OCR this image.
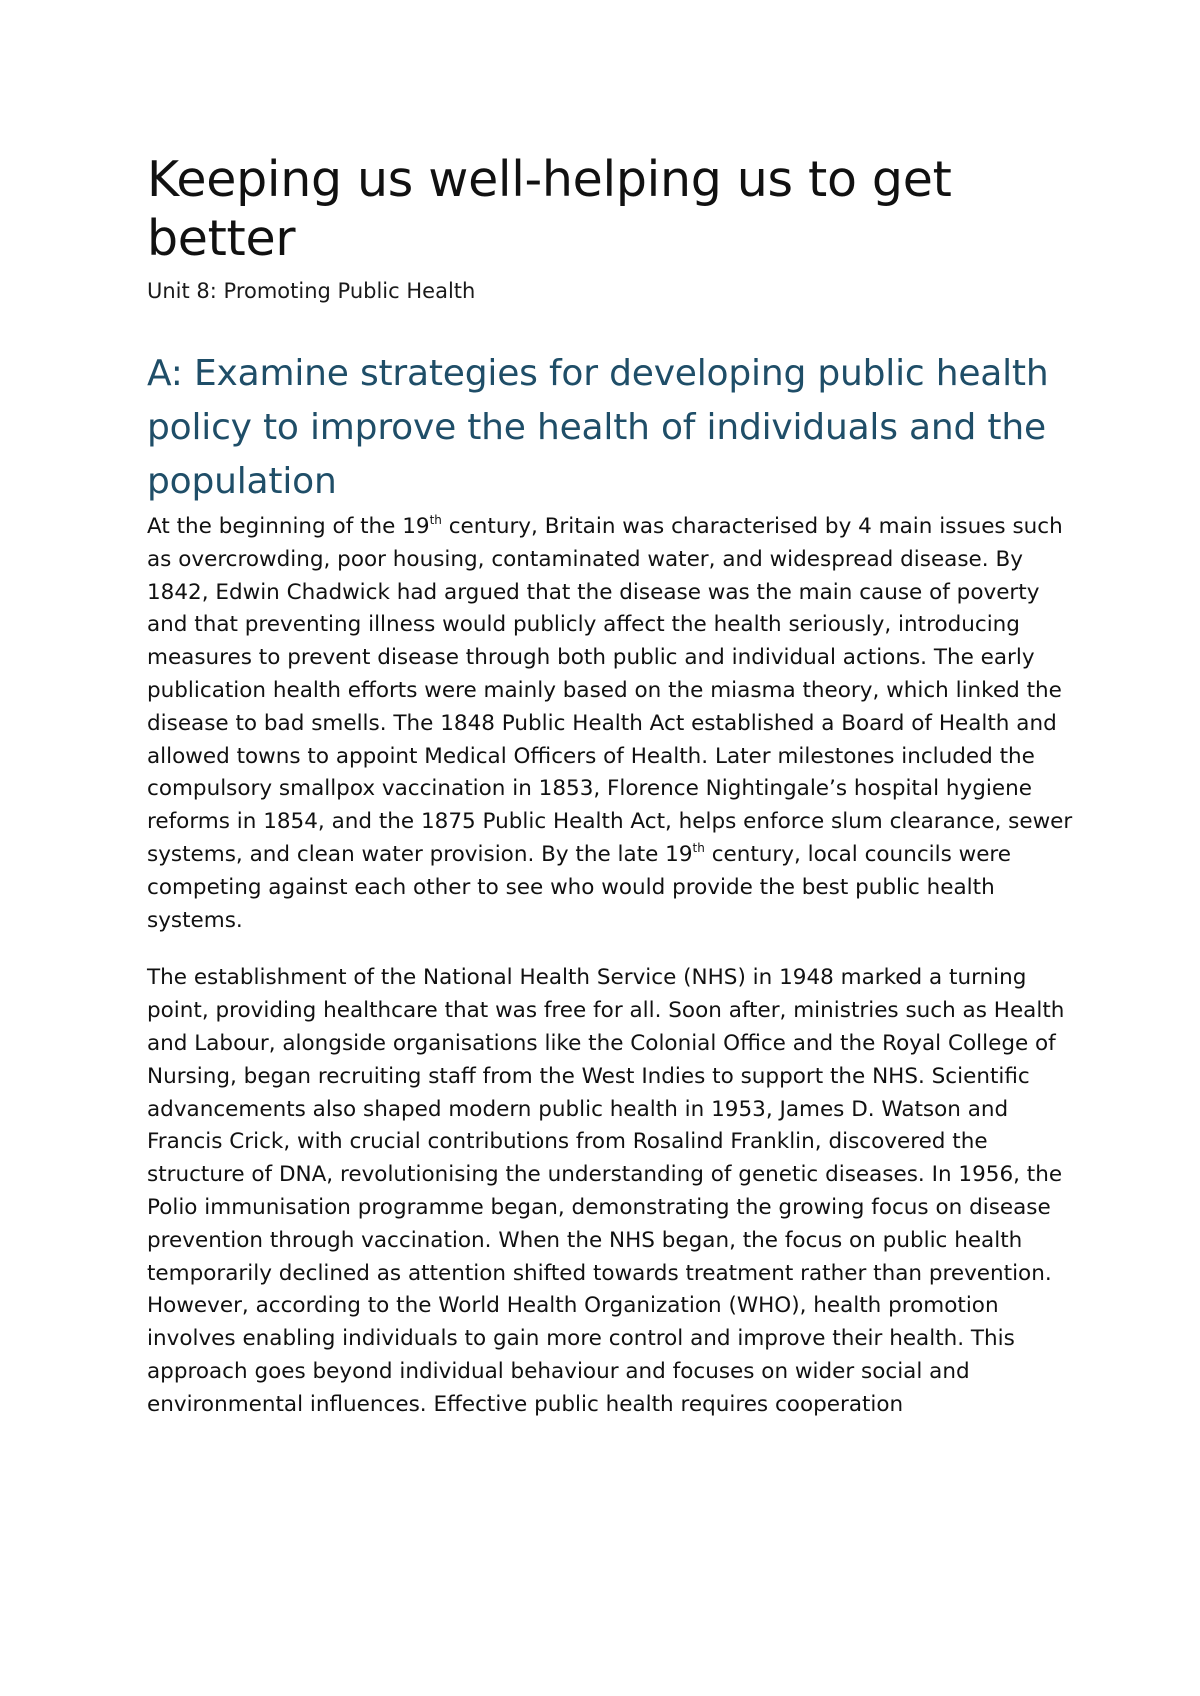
Keeping us well-helping us to get better

Unit 8: Promoting Public Health

A: Examine strategies for developing public health policy to improve the health of individuals and the population

At the beginning of the 19th century, Britain was characterised by 4 main issues such as overcrowding, poor housing, contaminated water, and widespread disease. By 1842, Edwin Chadwick had argued that the disease was the main cause of poverty and that preventing illness would publicly affect the health seriously, introducing measures to prevent disease through both public and individual actions. The early publication health efforts were mainly based on the miasma theory, which linked the disease to bad smells. The 1848 Public Health Act established a Board of Health and allowed towns to appoint Medical Officers of Health. Later milestones included the compulsory smallpox vaccination in 1853, Florence Nightingale’s hospital hygiene reforms in 1854, and the 1875 Public Health Act, helps enforce slum clearance, sewer systems, and clean water provision. By the late 19th century, local councils were competing against each other to see who would provide the best public health systems.

The establishment of the National Health Service (NHS) in 1948 marked a turning point, providing healthcare that was free for all. Soon after, ministries such as Health and Labour, alongside organisations like the Colonial Office and the Royal College of Nursing, began recruiting staff from the West Indies to support the NHS. Scientific advancements also shaped modern public health in 1953, James D. Watson and Francis Crick, with crucial contributions from Rosalind Franklin, discovered the structure of DNA, revolutionising the understanding of genetic diseases. In 1956, the Polio immunisation programme began, demonstrating the growing focus on disease prevention through vaccination. When the NHS began, the focus on public health temporarily declined as attention shifted towards treatment rather than prevention. However, according to the World Health Organization (WHO), health promotion involves enabling individuals to gain more control and improve their health. This approach goes beyond individual behaviour and focuses on wider social and environmental influences. Effective public health requires cooperation
